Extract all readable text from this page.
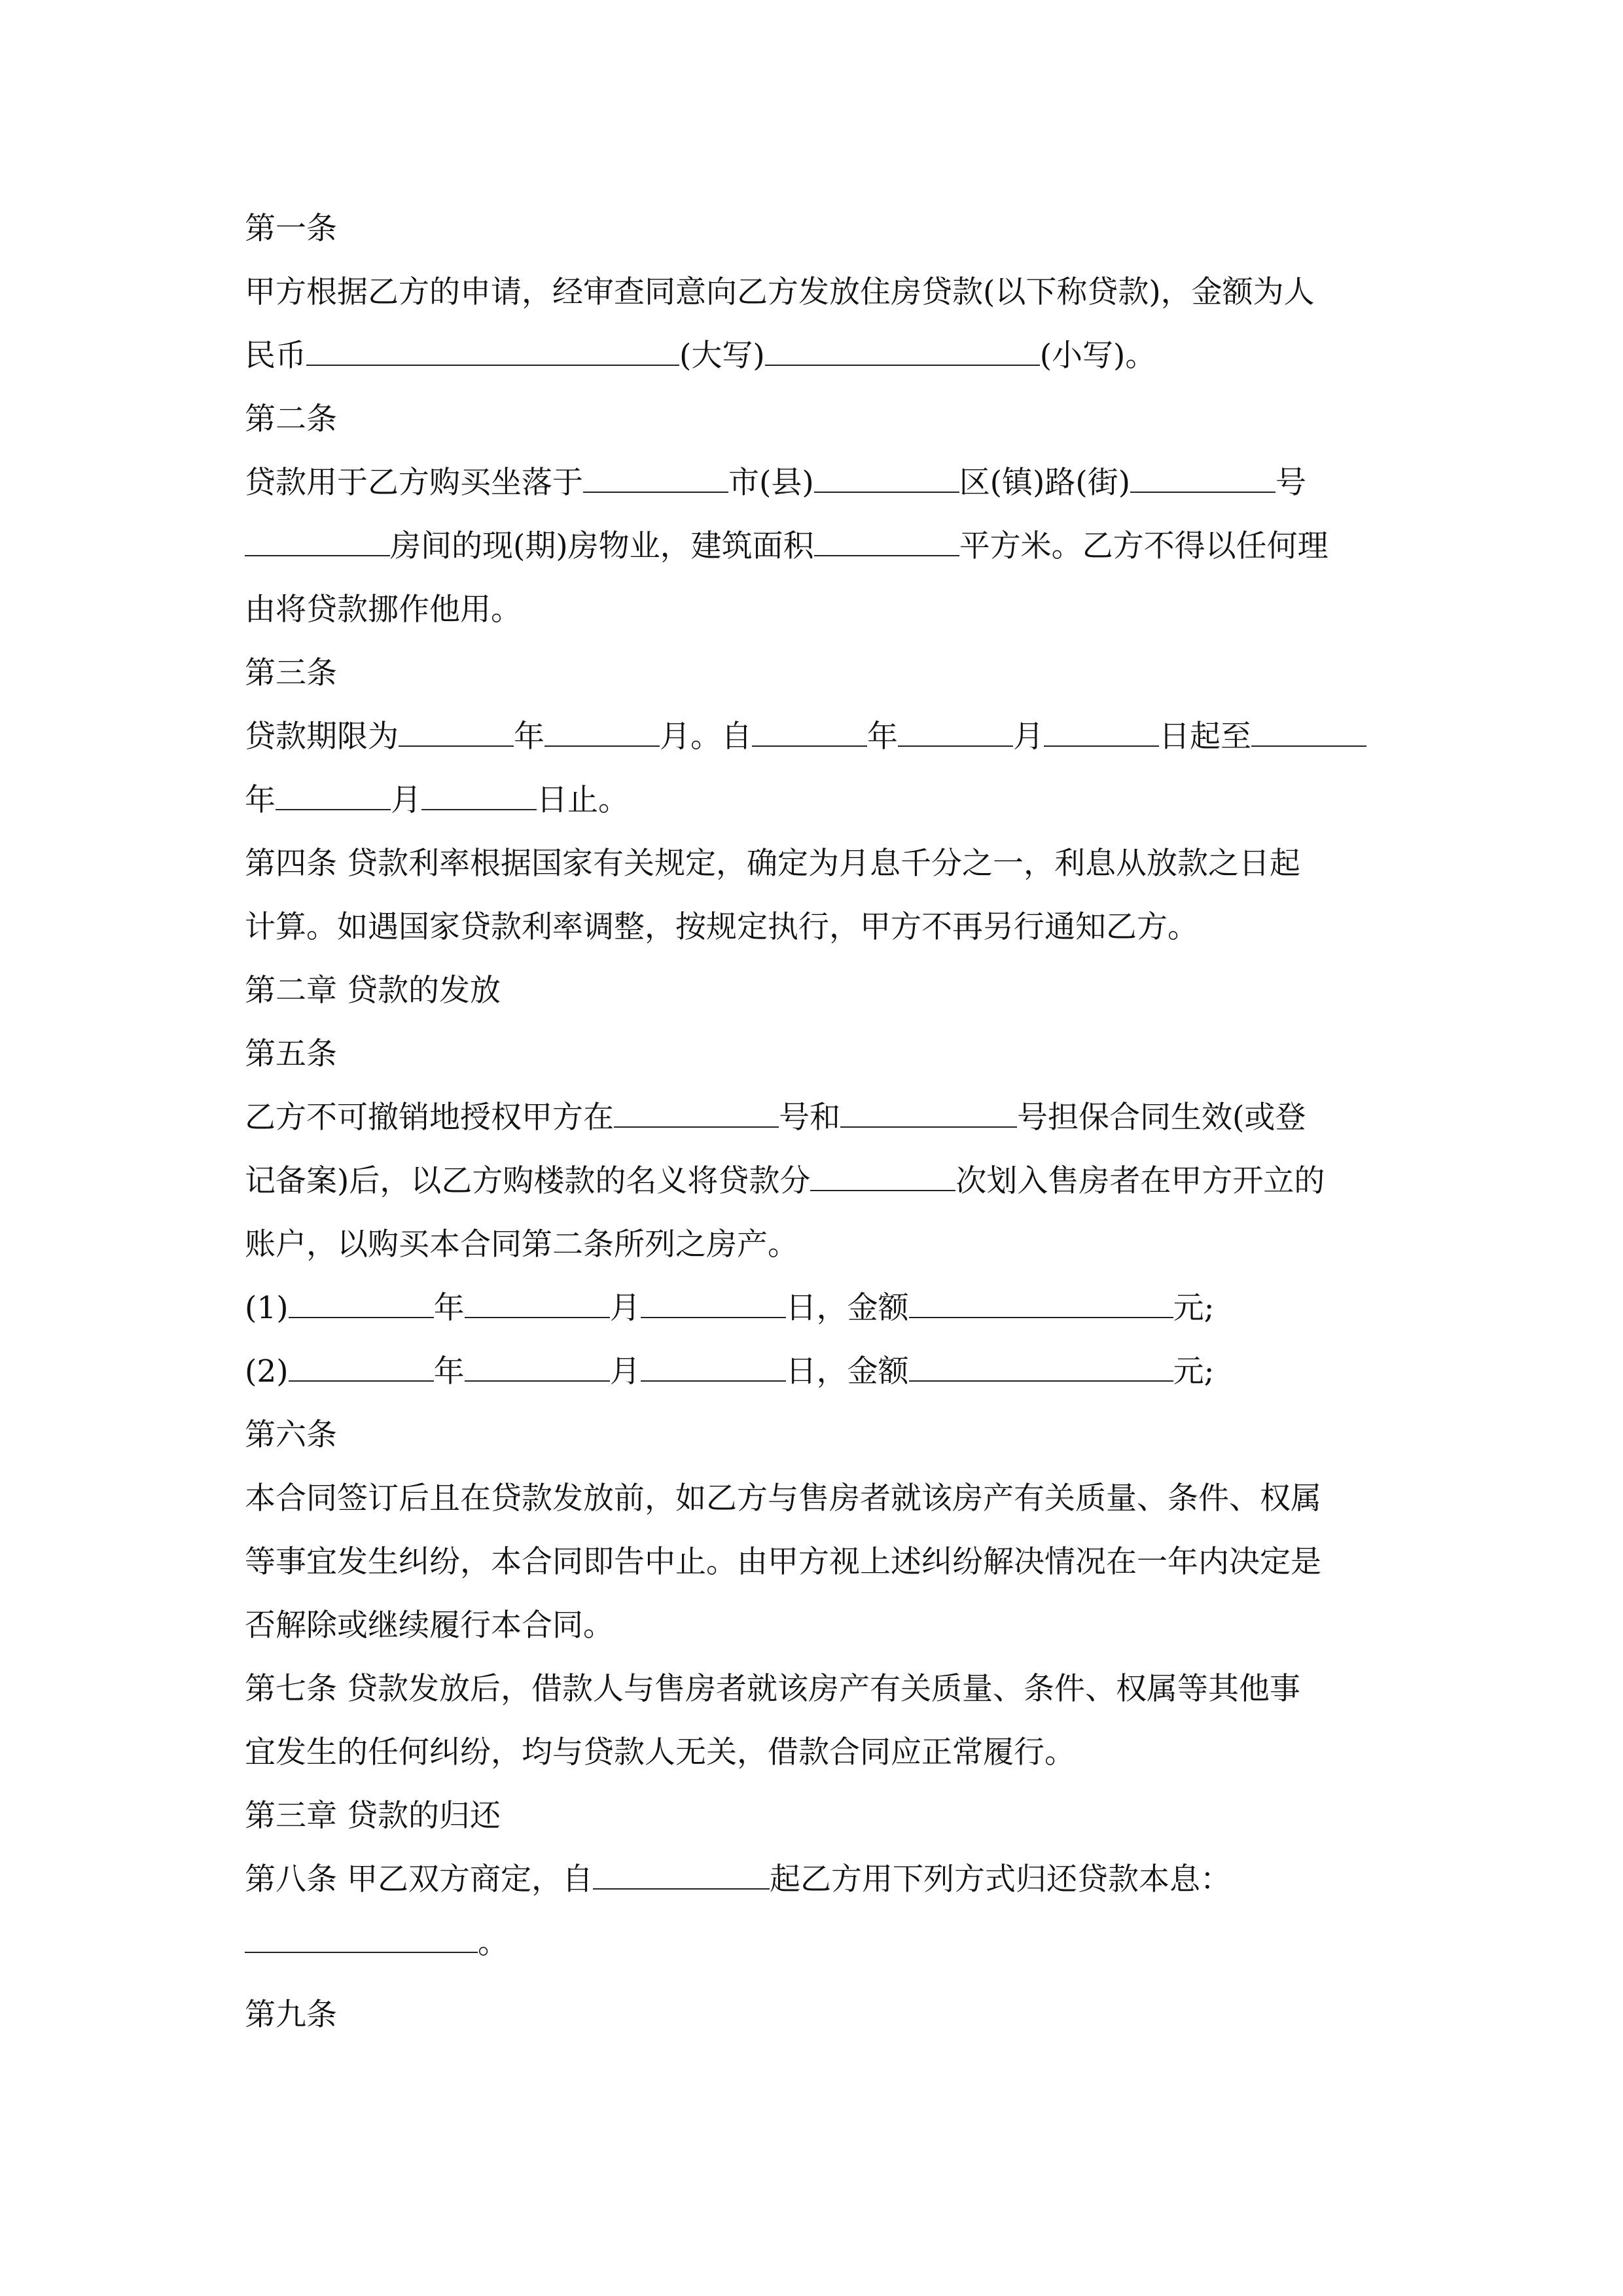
第一条
甲方根据乙方的申请，经审查同意向乙方发放住房贷款(以下称贷款)，金额为人
民币	(大写)	(小写)。
第二条
贷款用于乙方购买坐落于	市(县)	区(镇)路(街)	号
房间的现(期)房物业，建筑面积	平方米。乙方不得以任何理
由将贷款挪作他用。
第三条
贷款期限为	年	月。自	年	月	日起至
年	月	日止。
第四条 贷款利率根据国家有关规定，确定为月息千分之一，利息从放款之日起
计算。如遇国家贷款利率调整，按规定执行，甲方不再另行通知乙方。
第二章 贷款的发放
第五条
乙方不可撤销地授权甲方在	号和	号担保合同生效(或登
记备案)后，以乙方购楼款的名义将贷款分	次划入售房者在甲方开立的
账户，以购买本合同第二条所列之房产。
(1)	年	月	日，金额	元;
(2)	年	月	日，金额	元;
第六条
本合同签订后且在贷款发放前，如乙方与售房者就该房产有关质量、条件、权属
等事宜发生纠纷，本合同即告中止。由甲方视上述纠纷解决情况在一年内决定是
否解除或继续履行本合同。
第七条 贷款发放后，借款人与售房者就该房产有关质量、条件、权属等其他事
宜发生的任何纠纷，均与贷款人无关，借款合同应正常履行。
第三章 贷款的归还
第八条 甲乙双方商定，自	起乙方用下列方式归还贷款本息：
。
第九条
